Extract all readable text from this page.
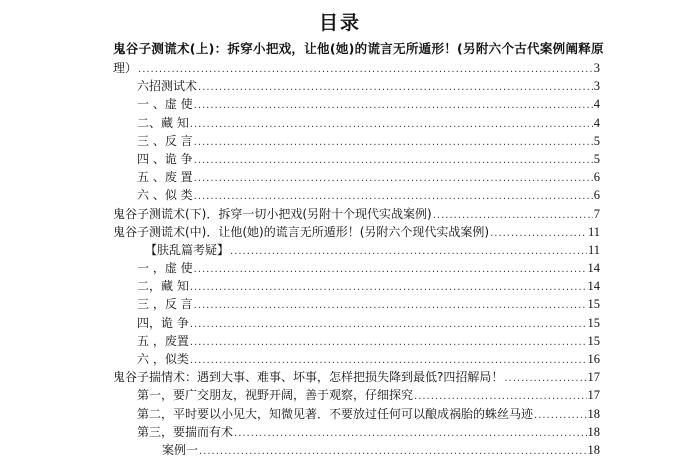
目录
鬼谷子测谎术(上)：拆穿小把戏，让他(她)的谎言无所遁形！(另附六个古代案例阐释原
理） .....	3
六招测试术 .....	3
一 、虚 使 .....	4
二、藏 知 .....	4
三 、反 言 .....	5
四 、诡 争 .....	5
五 、废 置 .....	6
六 、似 类 .....	6
鬼谷子测谎术(下)．拆穿一切小把戏(另附十个现代实战案例) .....	7
鬼谷子测谎术(中)．让他(她)的谎言无所遁形！(另附六个现代实战案例) .....	11
【肤乱篇考疑】 .....	11
一 ，虚 使 .....	14
二，藏 知 .....	14
三 ，反 言 .....	15
四，诡 争 .....	15
五 ，废置 .....	15
六 ，似类 .....	16
鬼谷子揣情术：遇到大事、难事、坏事，怎样把损失降到最低?四招解局！ .....	17
第一，要广交朋友，视野开阔，善于观察，仔细探究 .....	17
第二，平时要以小见大，知微见著．不要放过任何可以酿成祸胎的蛛丝马迹 .....	18
第三，要揣而有术 .....	18
案例一 .....	18
